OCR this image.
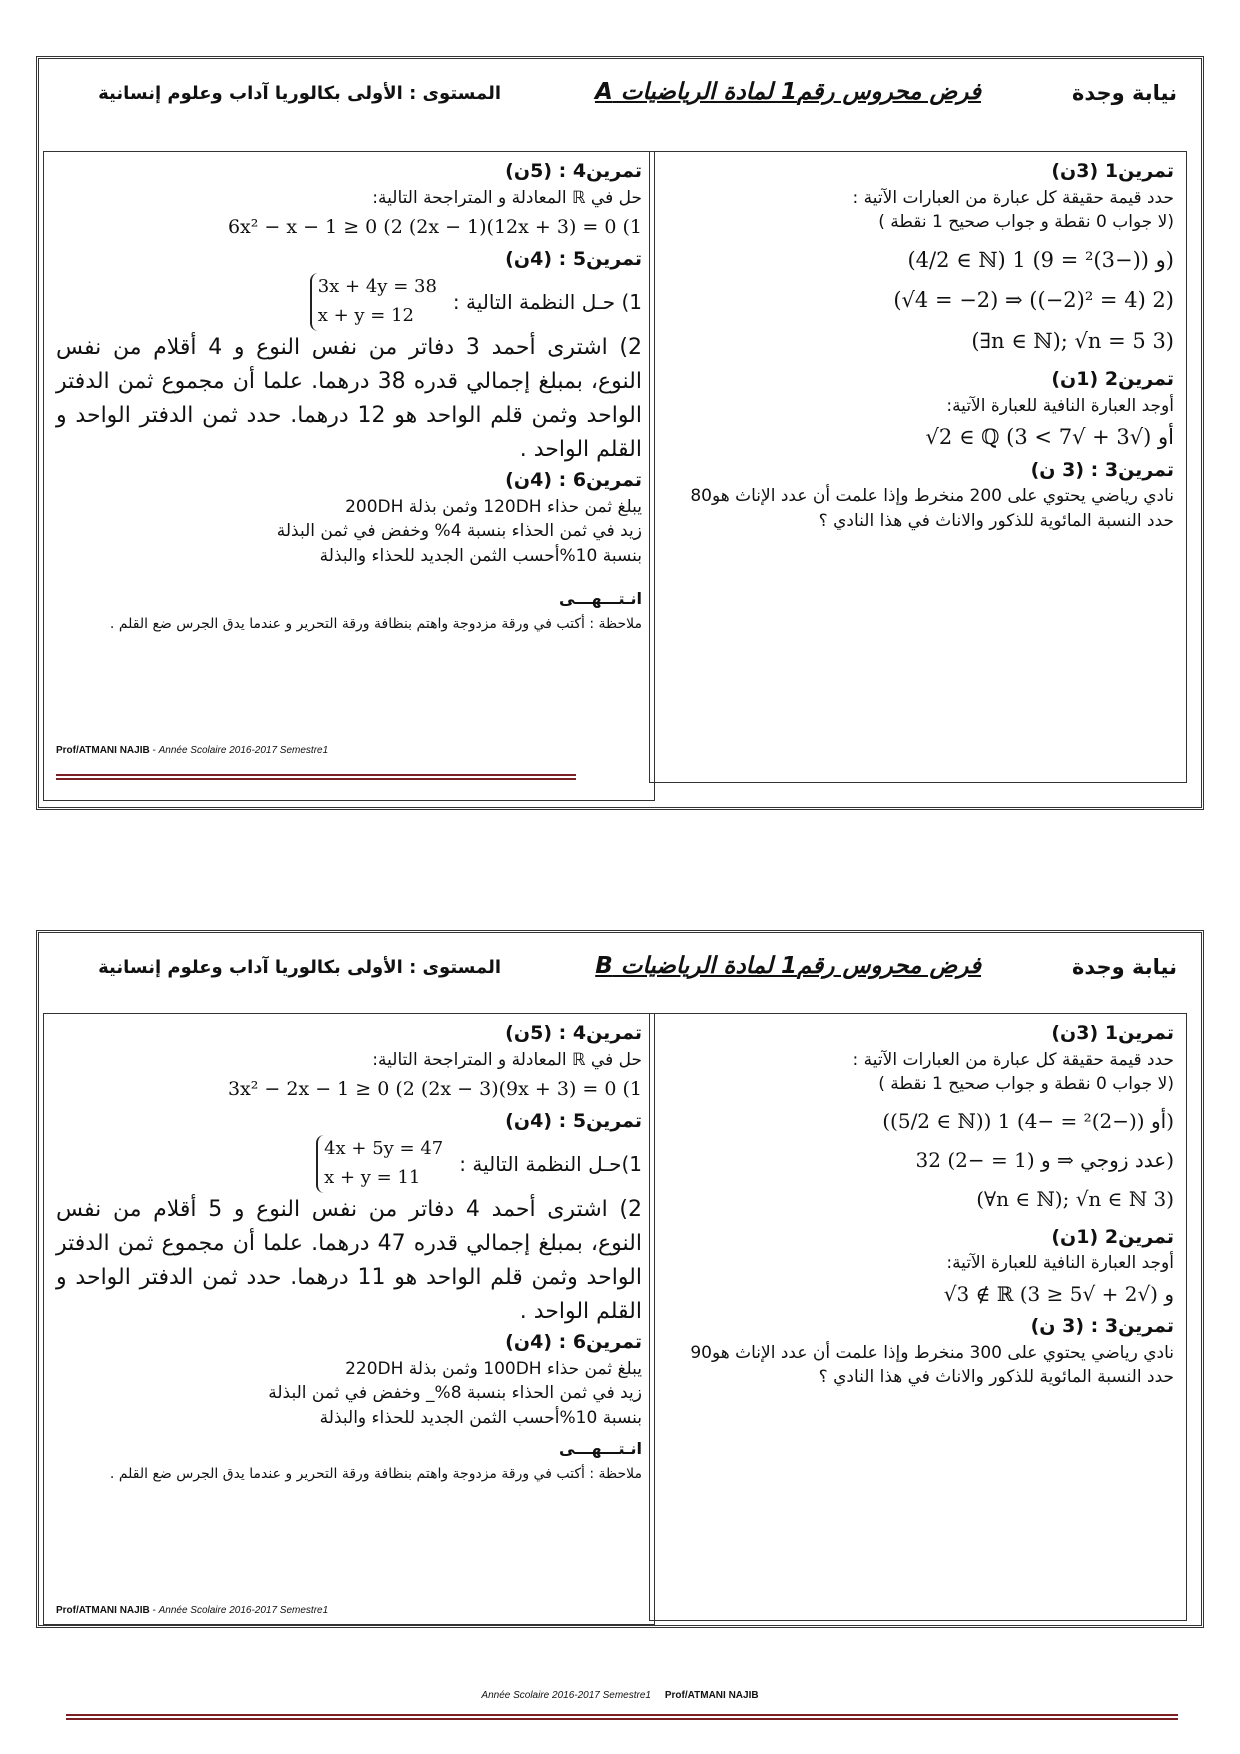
نيابة وجدة
فرض محروس رقم1 لمادة الرياضيات A
المستوى : الأولى بكالوريا آداب وعلوم إنسانية
تمرين1 (3ن)
حدد قيمة حقيقة كل عبارة من العبارات الآتية :
(لا جواب 0 نقطة و جواب صحيح 1 نقطة )
(4/2 ∈ ℕ) و ((−3)² = 9) 1)
(√4 = −2) ⇒ ((−2)² = 4) 2)
(∃n ∈ ℕ); √n = 5 3)
تمرين2 (1ن)
أوجد العبارة النافية للعبارة الآتية:
√2 ∈ ℚ أو (√3 + √7 > 3)
تمرين3 : (3 ن)
نادي رياضي يحتوي على 200 منخرط وإذا علمت أن عدد الإناث هو80
حدد النسبة المائوية للذكور والاناث في هذا النادي ؟
تمرين4 : (5ن)
حل في ℝ المعادلة و المتراجحة التالية:
6x² − x − 1 ≥ 0 (2 (2x − 1)(12x + 3) = 0 (1
تمرين5 : (4ن)
1) حـل النظمة التالية :
3x + 4y = 38
x + y = 12
2) اشترى أحمد 3 دفاتر من نفس النوع و 4 أقلام من نفس النوع، بمبلغ إجمالي قدره 38 درهما. علما أن مجموع ثمن الدفتر الواحد وثمن قلم الواحد هو 12 درهما. حدد ثمن الدفتر الواحد و القلم الواحد .
تمرين6 : (4ن)
يبلغ ثمن حذاء 120DH وثمن بذلة 200DH
زيد في ثمن الحذاء بنسبة 4% وخفض في ثمن البذلة
بنسبة 10%أحسب الثمن الجديد للحذاء والبذلة
انـتـــهـــى
ملاحظة : أكتب في ورقة مزدوجة واهتم بنظافة ورقة التحرير و عندما يدق الجرس ضع القلم .
Prof/ATMANI NAJIB - Année Scolaire 2016-2017 Semestre1
نيابة وجدة
فرض محروس رقم1 لمادة الرياضيات B
المستوى : الأولى بكالوريا آداب وعلوم إنسانية
تمرين1 (3ن)
حدد قيمة حقيقة كل عبارة من العبارات الآتية :
(لا جواب 0 نقطة و جواب صحيح 1 نقطة )
((5/2 ∈ ℕ)) أو ((−2)² = −4) 1)
3عدد زوجي ⇒ و (1 = −2) 2)
(∀n ∈ ℕ); √n ∈ ℕ 3)
تمرين2 (1ن)
أوجد العبارة النافية للعبارة الآتية:
√3 ∉ ℝ و (√2 + √5 ≤ 3)
تمرين3 : (3 ن)
نادي رياضي يحتوي على 300 منخرط وإذا علمت أن عدد الإناث هو90
حدد النسبة المائوية للذكور والاناث في هذا النادي ؟
تمرين4 : (5ن)
حل في ℝ المعادلة و المتراجحة التالية:
3x² − 2x − 1 ≥ 0 (2 (2x − 3)(9x + 3) = 0 (1
تمرين5 : (4ن)
1)حـل النظمة التالية :
4x + 5y = 47
x + y = 11
2) اشترى أحمد 4 دفاتر من نفس النوع و 5 أقلام من نفس النوع، بمبلغ إجمالي قدره 47 درهما. علما أن مجموع ثمن الدفتر الواحد وثمن قلم الواحد هو 11 درهما. حدد ثمن الدفتر الواحد و القلم الواحد .
تمرين6 : (4ن)
يبلغ ثمن حذاء 100DH وثمن بذلة 220DH
زيد في ثمن الحذاء بنسبة 8%_ وخفض في ثمن البذلة
بنسبة 10%أحسب الثمن الجديد للحذاء والبذلة
انـتـــهـــى
ملاحظة : أكتب في ورقة مزدوجة واهتم بنظافة ورقة التحرير و عندما يدق الجرس ضع القلم .
Prof/ATMANI NAJIB - Année Scolaire 2016-2017 Semestre1
Année Scolaire 2016-2017 Semestre1 Prof/ATMANI NAJIB
